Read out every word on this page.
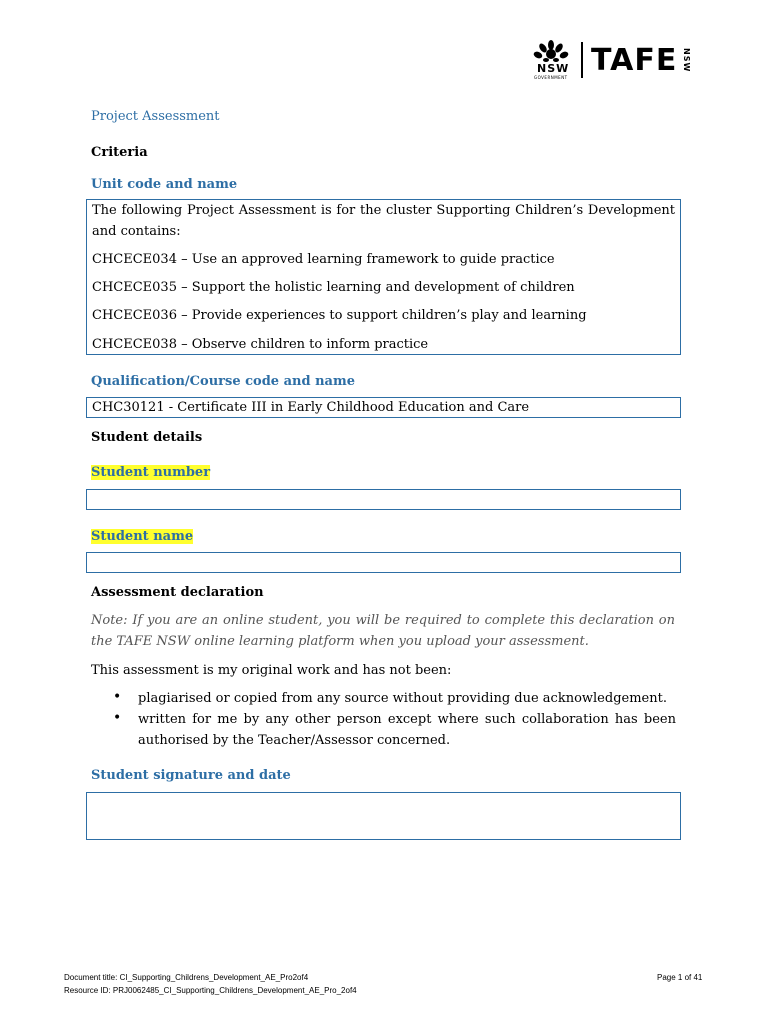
NSW
GOVERNMENT TAFE NSW
Project Assessment
Criteria
Unit code and name
The following Project Assessment is for the cluster Supporting Children’s Development and contains:
CHCECE034 – Use an approved learning framework to guide practice
CHCECE035 – Support the holistic learning and development of children
CHCECE036 – Provide experiences to support children’s play and learning
CHCECE038 – Observe children to inform practice
Qualification/Course code and name
CHC30121 - Certificate III in Early Childhood Education and Care
Student details
Student number
Student name
Assessment declaration
Note: If you are an online student, you will be required to complete this declaration on the TAFE NSW online learning platform when you upload your assessment.
This assessment is my original work and has not been:
• plagiarised or copied from any source without providing due acknowledgement.
• written for me by any other person except where such collaboration has been authorised by the Teacher/Assessor concerned.
Student signature and date
Document title: CI_Supporting_Childrens_Development_AE_Pro2of4
Resource ID: PRJ0062485_CI_Supporting_Childrens_Development_AE_Pro_2of4
Page 1 of 41
